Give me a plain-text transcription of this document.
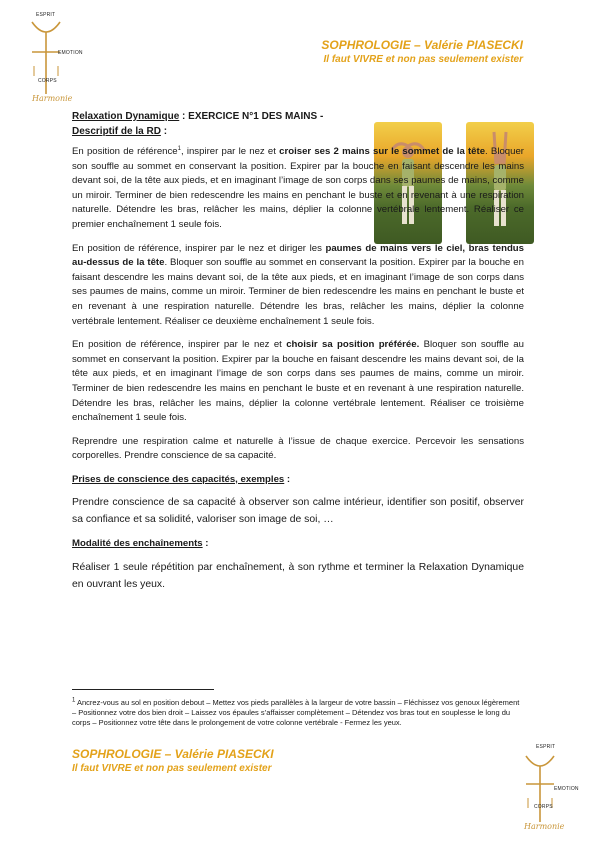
ESPRIT
EMOTION
CORPS
Harmonie
SOPHROLOGIE – Valérie PIASECKI
Il faut VIVRE et non pas seulement exister
Relaxation Dynamique : EXERCICE N°1 DES MAINS -
Descriptif de la RD :

En position de référence$^1$, inspirer par le nez et croiser ses 2 mains sur le sommet de la tête. Bloquer son souffle au sommet en conservant la position. Expirer par la bouche en faisant descendre les mains devant soi, de la tête aux pieds, et en imaginant l’image de son corps dans ses paumes de mains, comme un miroir. Terminer de bien redescendre les mains en penchant le buste et en revenant à une respiration naturelle. Détendre les bras, relâcher les mains, déplier la colonne vertébrale lentement. Réaliser ce premier enchaînement 1 seule fois.

En position de référence, inspirer par le nez et diriger les paumes de mains vers le ciel, bras tendus au-dessus de la tête. Bloquer son souffle au sommet en conservant la position. Expirer par la bouche en faisant descendre les mains devant soi, de la tête aux pieds, et en imaginant l’image de son corps dans ses paumes de mains, comme un miroir. Terminer de bien redescendre les mains en penchant le buste et en revenant à une respiration naturelle. Détendre les bras, relâcher les mains, déplier la colonne vertébrale lentement. Réaliser ce deuxième enchaînement 1 seule fois.

En position de référence, inspirer par le nez et choisir sa position préférée. Bloquer son souffle au sommet en conservant la position. Expirer par la bouche en faisant descendre les mains devant soi, de la tête aux pieds, et en imaginant l’image de son corps dans ses paumes de mains, comme un miroir. Terminer de bien redescendre les mains en penchant le buste et en revenant à une respiration naturelle. Détendre les bras, relâcher les mains, déplier la colonne vertébrale lentement. Réaliser ce troisième enchaînement 1 seule fois.

Reprendre une respiration calme et naturelle à l’issue de chaque exercice. Percevoir les sensations corporelles. Prendre conscience de sa capacité.

Prises de conscience des capacités, exemples :

Prendre conscience de sa capacité à observer son calme intérieur, identifier son positif, observer sa confiance et sa solidité, valoriser son image de soi, …

Modalité des enchaînements :

Réaliser 1 seule répétition par enchaînement, à son rythme et terminer la Relaxation Dynamique en ouvrant les yeux.

$^1$ Ancrez-vous au sol en position debout – Mettez vos pieds parallèles à la largeur de votre bassin – Fléchissez vos genoux légèrement – Positionnez votre dos bien droit – Laissez vos épaules s’affaisser complètement – Détendez vos bras tout en souplesse le long du corps – Positionnez votre tête dans le prolongement de votre colonne vertébrale - Fermez les yeux.
SOPHROLOGIE – Valérie PIASECKI
Il faut VIVRE et non pas seulement exister
ESPRIT
EMOTION
CORPS
Harmonie
